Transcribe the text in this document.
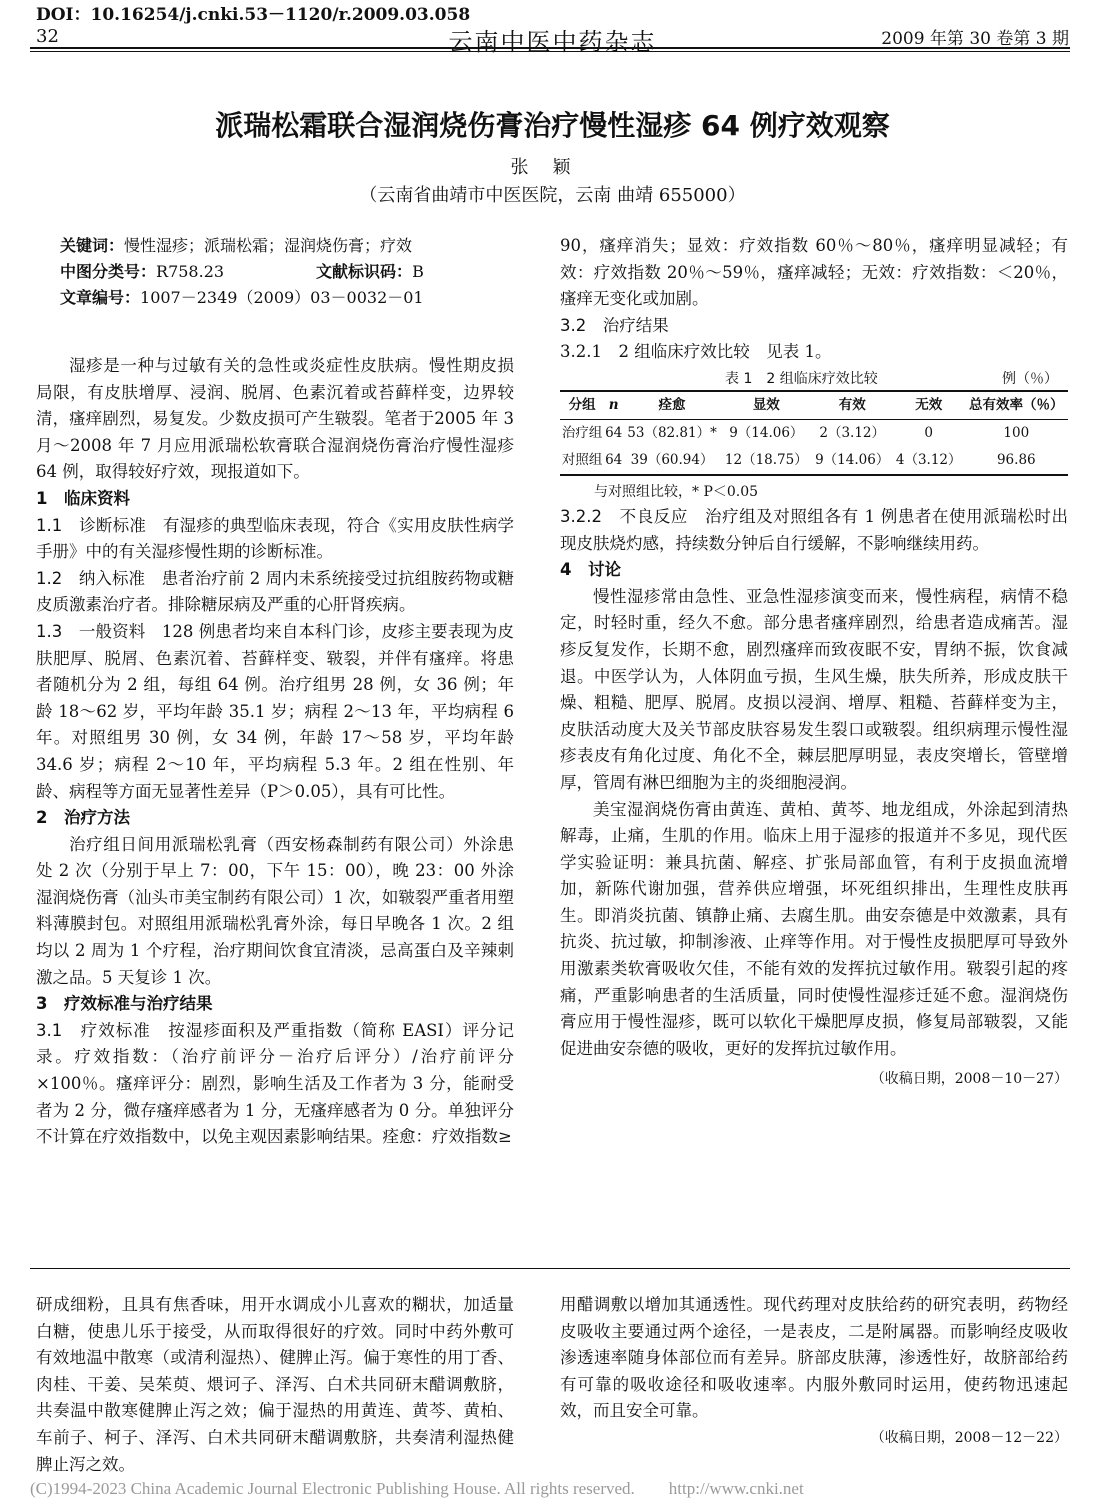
DOI：10.16254/j.cnki.53－1120/r.2009.03.058
32	云南中医中药杂志	2009 年第 30 卷第 3 期
派瑞松霜联合湿润烧伤膏治疗慢性湿疹 64 例疗效观察
张颖
（云南省曲靖市中医医院，云南 曲靖 655000）
关键词：慢性湿疹；派瑞松霜；湿润烧伤膏；疗效
中图分类号：R758.23	文献标识码：B
文章编号：1007－2349（2009）03－0032－01

湿疹是一种与过敏有关的急性或炎症性皮肤病。慢性期皮损局限，有皮肤增厚、浸润、脱屑、色素沉着或苔藓样变，边界较清，瘙痒剧烈，易复发。少数皮损可产生皲裂。笔者于2005 年 3 月～2008 年 7 月应用派瑞松软膏联合湿润烧伤膏治疗慢性湿疹 64 例，取得较好疗效，现报道如下。

1　临床资料

1.1　诊断标准　有湿疹的典型临床表现，符合《实用皮肤性病学手册》中的有关湿疹慢性期的诊断标准。

1.2　纳入标准　患者治疗前 2 周内未系统接受过抗组胺药物或糖皮质激素治疗者。排除糖尿病及严重的心肝肾疾病。

1.3　一般资料　128 例患者均来自本科门诊，皮疹主要表现为皮肤肥厚、脱屑、色素沉着、苔藓样变、皲裂，并伴有瘙痒。将患者随机分为 2 组，每组 64 例。治疗组男 28 例，女 36 例；年龄 18～62 岁，平均年龄 35.1 岁；病程 2～13 年，平均病程 6 年。对照组男 30 例，女 34 例，年龄 17～58 岁，平均年龄 34.6 岁；病程 2～10 年，平均病程 5.3 年。2 组在性别、年龄、病程等方面无显著性差异（P＞0.05），具有可比性。

2　治疗方法

治疗组日间用派瑞松乳膏（西安杨森制药有限公司）外涂患处 2 次（分别于早上 7：00，下午 15：00），晚 23：00 外涂湿润烧伤膏（汕头市美宝制药有限公司）1 次，如皲裂严重者用塑料薄膜封包。对照组用派瑞松乳膏外涂，每日早晚各 1 次。2 组均以 2 周为 1 个疗程，治疗期间饮食宜清淡，忌高蛋白及辛辣刺激之品。5 天复诊 1 次。

3　疗效标准与治疗结果

3.1　疗效标准　按湿疹面积及严重指数（简称 EASI）评分记录。疗效指数：（治疗前评分－治疗后评分）/治疗前评分×100％。瘙痒评分：剧烈，影响生活及工作者为 3 分，能耐受者为 2 分，微存瘙痒感者为 1 分，无瘙痒感者为 0 分。单独评分不计算在疗效指数中，以免主观因素影响结果。痊愈：疗效指数≥

90，瘙痒消失；显效：疗效指数 60％～80％，瘙痒明显减轻；有效：疗效指数 20％～59％，瘙痒减轻；无效：疗效指数：＜20％，瘙痒无变化或加剧。

3.2　治疗结果

3.2.1　2 组临床疗效比较　见表 1。

表 1　2 组临床疗效比较	例（％）
分组	n	痊愈	显效	有效	无效	总有效率（％）
治疗组	64	53（82.81）*	9（14.06）	2（3.12）	0	100
对照组	64	39（60.94）	12（18.75）	9（14.06）	4（3.12）	96.86

与对照组比较，* P＜0.05

3.2.2　不良反应　治疗组及对照组各有 1 例患者在使用派瑞松时出现皮肤烧灼感，持续数分钟后自行缓解，不影响继续用药。

4　讨论

慢性湿疹常由急性、亚急性湿疹演变而来，慢性病程，病情不稳定，时轻时重，经久不愈。部分患者瘙痒剧烈，给患者造成痛苦。湿疹反复发作，长期不愈，剧烈瘙痒而致夜眠不安，胃纳不振，饮食减退。中医学认为，人体阴血亏损，生风生燥，肤失所养，形成皮肤干燥、粗糙、肥厚、脱屑。皮损以浸润、增厚、粗糙、苔藓样变为主，皮肤活动度大及关节部皮肤容易发生裂口或皲裂。组织病理示慢性湿疹表皮有角化过度、角化不全，棘层肥厚明显，表皮突增长，管壁增厚，管周有淋巴细胞为主的炎细胞浸润。

美宝湿润烧伤膏由黄连、黄柏、黄芩、地龙组成，外涂起到清热解毒，止痛，生肌的作用。临床上用于湿疹的报道并不多见，现代医学实验证明：兼具抗菌、解痉、扩张局部血管，有利于皮损血流增加，新陈代谢加强，营养供应增强，坏死组织排出，生理性皮肤再生。即消炎抗菌、镇静止痛、去腐生肌。曲安奈德是中效激素，具有抗炎、抗过敏，抑制渗液、止痒等作用。对于慢性皮损肥厚可导致外用激素类软膏吸收欠佳，不能有效的发挥抗过敏作用。皲裂引起的疼痛，严重影响患者的生活质量，同时使慢性湿疹迁延不愈。湿润烧伤膏应用于慢性湿疹，既可以软化干燥肥厚皮损，修复局部皲裂，又能促进曲安奈德的吸收，更好的发挥抗过敏作用。

（收稿日期，2008－10－27）

研成细粉，且具有焦香味，用开水调成小儿喜欢的糊状，加适量白糖，使患儿乐于接受，从而取得很好的疗效。同时中药外敷可有效地温中散寒（或清利湿热）、健脾止泻。偏于寒性的用丁香、肉桂、干姜、吴茱萸、煨诃子、泽泻、白术共同研末醋调敷脐，共奏温中散寒健脾止泻之效；偏于湿热的用黄连、黄芩、黄柏、车前子、柯子、泽泻、白术共同研末醋调敷脐，共奏清利湿热健脾止泻之效。

用醋调敷以增加其通透性。现代药理对皮肤给药的研究表明，药物经皮吸收主要通过两个途径，一是表皮，二是附属器。而影响经皮吸收渗透速率随身体部位而有差异。脐部皮肤薄，渗透性好，故脐部给药有可靠的吸收途径和吸收速率。内服外敷同时运用，使药物迅速起效，而且安全可靠。

（收稿日期，2008－12－22）

(C)1994-2023 China Academic Journal Electronic Publishing House. All rights reserved.　　http://www.cnki.net
